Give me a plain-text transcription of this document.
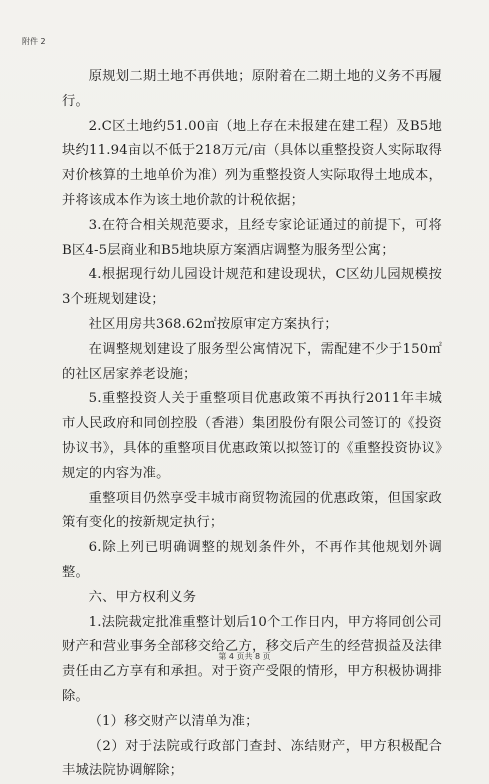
附件 2

原规划二期土地不再供地；原附着在二期土地的义务不再履行。

2.C区土地约51.00亩（地上存在未报建在建工程）及B5地块约11.94亩以不低于218万元/亩（具体以重整投资人实际取得对价核算的土地单价为准）列为重整投资人实际取得土地成本，并将该成本作为该土地价款的计税依据；

3.在符合相关规范要求，且经专家论证通过的前提下，可将B区4-5层商业和B5地块原方案酒店调整为服务型公寓；

4.根据现行幼儿园设计规范和建设现状，C区幼儿园规模按3个班规划建设；

社区用房共368.62㎡按原审定方案执行；

在调整规划建设了服务型公寓情况下，需配建不少于150㎡的社区居家养老设施；

5.重整投资人关于重整项目优惠政策不再执行2011年丰城市人民政府和同创控股（香港）集团股份有限公司签订的《投资协议书》，具体的重整项目优惠政策以拟签订的《重整投资协议》规定的内容为准。

重整项目仍然享受丰城市商贸物流园的优惠政策，但国家政策有变化的按新规定执行；

6.除上列已明确调整的规划条件外，不再作其他规划外调整。

六、甲方权利义务

1.法院裁定批准重整计划后10个工作日内，甲方将同创公司财产和营业事务全部移交给乙方，移交后产生的经营损益及法律责任由乙方享有和承担。对于资产受限的情形，甲方积极协调排除。

（1）移交财产以清单为准；

（2）对于法院或行政部门查封、冻结财产，甲方积极配合丰城法院协调解除；

第 4 页共 8 页
